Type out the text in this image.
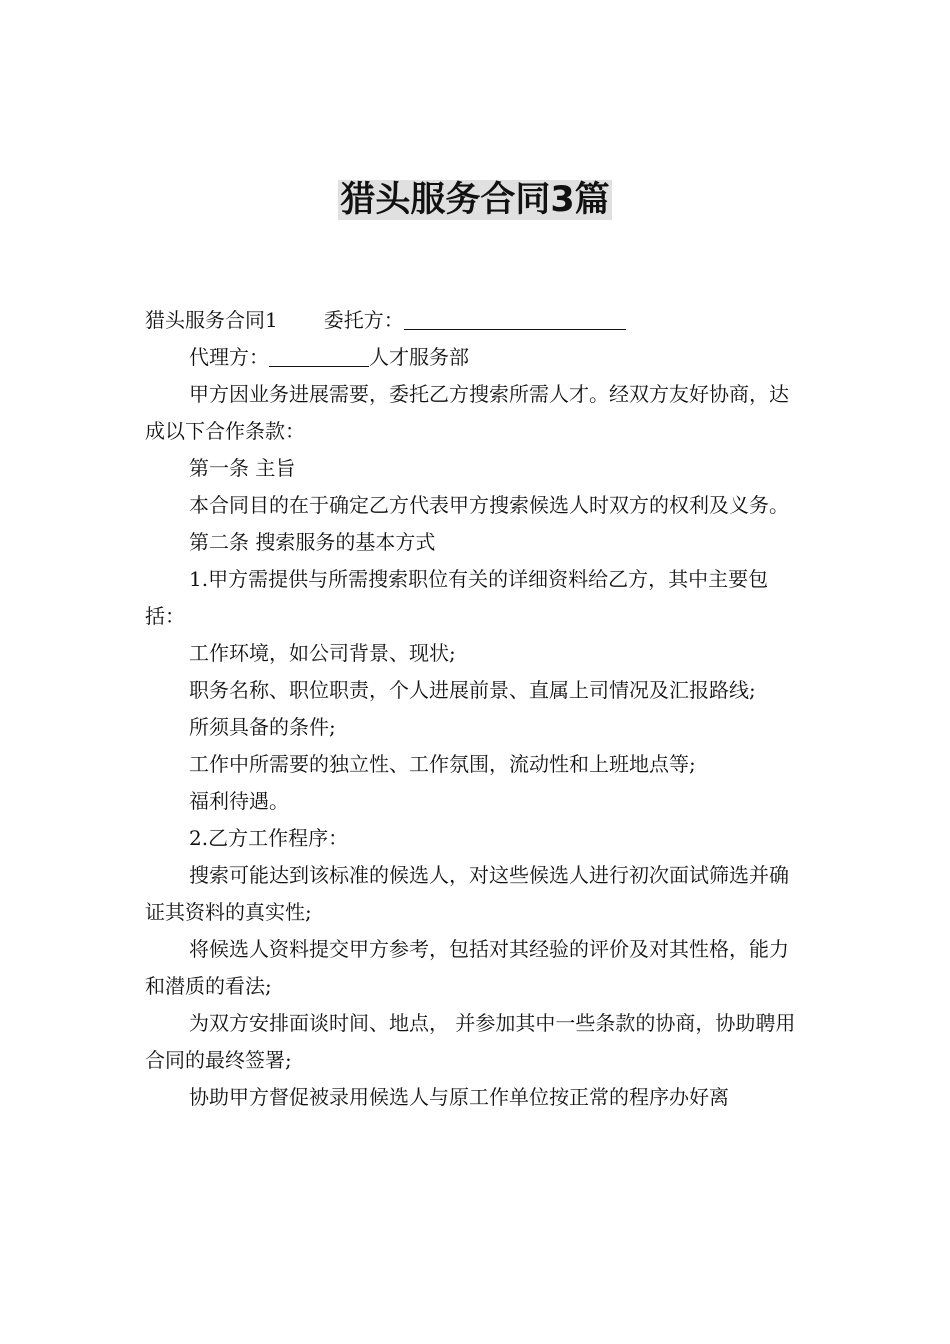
猎头服务合同3篇

猎头服务合同1 委托方：

代理方：	人才服务部

甲方因业务进展需要，委托乙方搜索所需人才。经双方友好协商，达成以下合作条款：

第一条 主旨

本合同目的在于确定乙方代表甲方搜索候选人时双方的权利及义务。

第二条 搜索服务的基本方式

1.甲方需提供与所需搜索职位有关的详细资料给乙方，其中主要包括：

工作环境，如公司背景、现状;

职务名称、职位职责，个人进展前景、直属上司情况及汇报路线;

所须具备的条件;

工作中所需要的独立性、工作氛围，流动性和上班地点等;

福利待遇。

2.乙方工作程序：

搜索可能达到该标准的候选人，对这些候选人进行初次面试筛选并确证其资料的真实性;

将候选人资料提交甲方参考，包括对其经验的评价及对其性格，能力和潜质的看法;

为双方安排面谈时间、地点， 并参加其中一些条款的协商，协助聘用合同的最终签署;

协助甲方督促被录用候选人与原工作单位按正常的程序办好离
